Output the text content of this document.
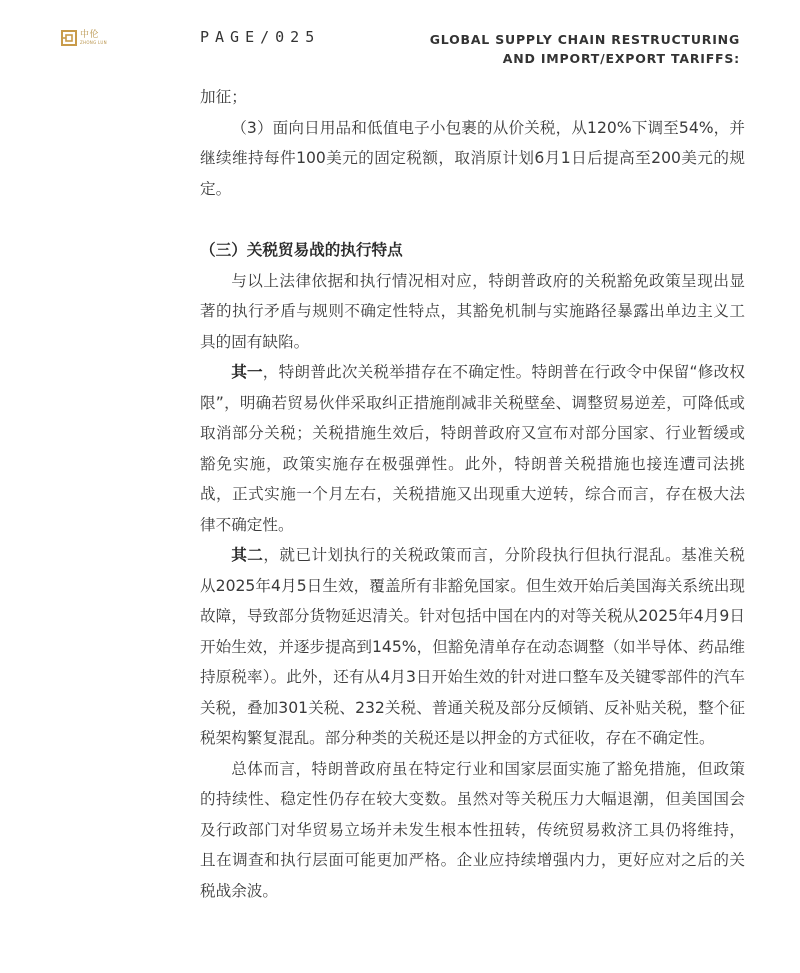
中伦
ZHONG LUN	PAGE/025	GLOBAL SUPPLY CHAIN RESTRUCTURING
AND IMPORT/EXPORT TARIFFS:

加征；

（3）面向日用品和低值电子小包裹的从价关税，从120%下调至54%，并继续维持每件100美元的固定税额，取消原计划6月1日后提高至200美元的规定。

（三）关税贸易战的执行特点

与以上法律依据和执行情况相对应，特朗普政府的关税豁免政策呈现出显著的执行矛盾与规则不确定性特点，其豁免机制与实施路径暴露出单边主义工具的固有缺陷。

其一，特朗普此次关税举措存在不确定性。特朗普在行政令中保留“修改权限”，明确若贸易伙伴采取纠正措施削减非关税壁垒、调整贸易逆差，可降低或取消部分关税；关税措施生效后，特朗普政府又宣布对部分国家、行业暂缓或豁免实施，政策实施存在极强弹性。此外，特朗普关税措施也接连遭司法挑战，正式实施一个月左右，关税措施又出现重大逆转，综合而言，存在极大法律不确定性。

其二，就已计划执行的关税政策而言，分阶段执行但执行混乱。基准关税从2025年4月5日生效，覆盖所有非豁免国家。但生效开始后美国海关系统出现故障，导致部分货物延迟清关。针对包括中国在内的对等关税从2025年4月9日开始生效，并逐步提高到145%，但豁免清单存在动态调整（如半导体、药品维持原税率）。此外，还有从4月3日开始生效的针对进口整车及关键零部件的汽车关税，叠加301关税、232关税、普通关税及部分反倾销、反补贴关税，整个征税架构繁复混乱。部分种类的关税还是以押金的方式征收，存在不确定性。

总体而言，特朗普政府虽在特定行业和国家层面实施了豁免措施，但政策的持续性、稳定性仍存在较大变数。虽然对等关税压力大幅退潮，但美国国会及行政部门对华贸易立场并未发生根本性扭转，传统贸易救济工具仍将维持，且在调查和执行层面可能更加严格。企业应持续增强内力，更好应对之后的关税战余波。
